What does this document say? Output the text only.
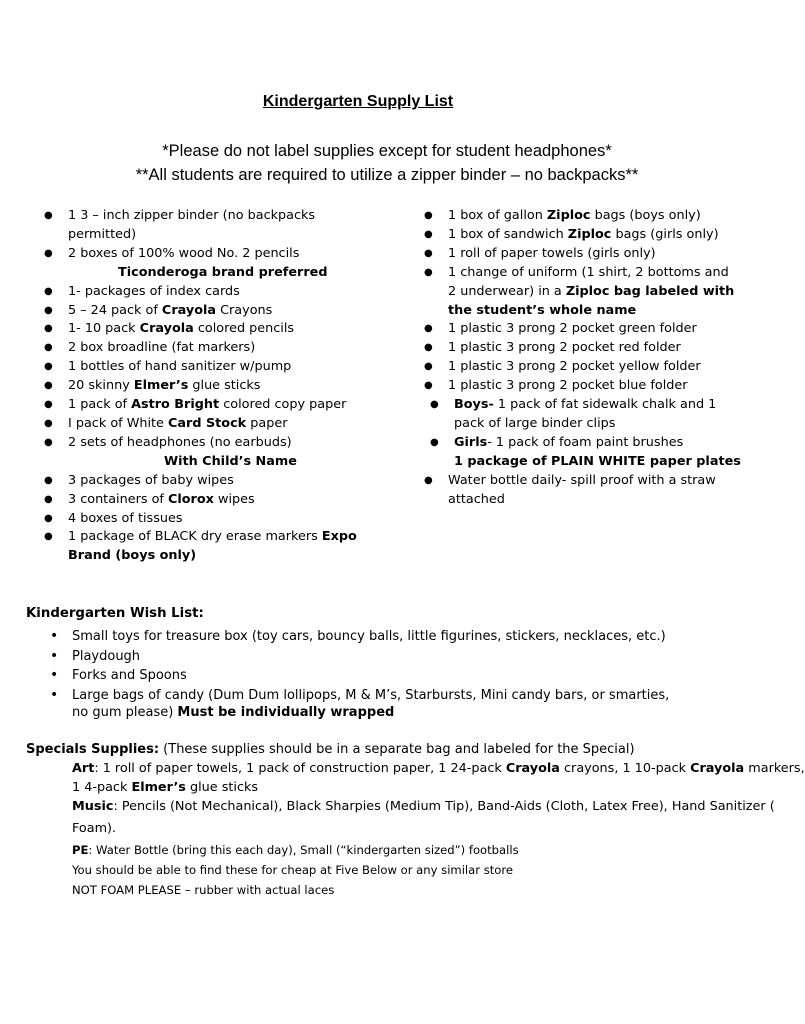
Kindergarten Supply List
*Please do not label supplies except for student headphones*
**All students are required to utilize a zipper binder – no backpacks**
● 1 3 – inch zipper binder (no backpacks
permitted)
● 2 boxes of 100% wood No. 2 pencils
Ticonderoga brand preferred
● 1- packages of index cards
● 5 – 24 pack of Crayola Crayons
● 1- 10 pack Crayola colored pencils
● 2 box broadline (fat markers)
● 1 bottles of hand sanitizer w/pump
● 20 skinny Elmer’s glue sticks
● 1 pack of Astro Bright colored copy paper
● I pack of White Card Stock paper
● 2 sets of headphones (no earbuds)
With Child’s Name
● 3 packages of baby wipes
● 3 containers of Clorox wipes
● 4 boxes of tissues
● 1 package of BLACK dry erase markers Expo
Brand (boys only)
● 1 box of gallon Ziploc bags (boys only)
● 1 box of sandwich Ziploc bags (girls only)
● 1 roll of paper towels (girls only)
● 1 change of uniform (1 shirt, 2 bottoms and
2 underwear) in a Ziploc bag labeled with
the student’s whole name
● 1 plastic 3 prong 2 pocket green folder
● 1 plastic 3 prong 2 pocket red folder
● 1 plastic 3 prong 2 pocket yellow folder
● 1 plastic 3 prong 2 pocket blue folder
● Boys- 1 pack of fat sidewalk chalk and 1
pack of large binder clips
● Girls- 1 pack of foam paint brushes
1 package of PLAIN WHITE paper plates
● Water bottle daily- spill proof with a straw
attached
Kindergarten Wish List:
• Small toys for treasure box (toy cars, bouncy balls, little figurines, stickers, necklaces, etc.)
• Playdough
• Forks and Spoons
• Large bags of candy (Dum Dum lollipops, M & M’s, Starbursts, Mini candy bars, or smarties,
no gum please) Must be individually wrapped
Specials Supplies: (These supplies should be in a separate bag and labeled for the Special)
Art: 1 roll of paper towels, 1 pack of construction paper, 1 24-pack Crayola crayons, 1 10-pack Crayola markers,
1 4-pack Elmer’s glue sticks
Music: Pencils (Not Mechanical), Black Sharpies (Medium Tip), Band-Aids (Cloth, Latex Free), Hand Sanitizer (
Foam).
PE: Water Bottle (bring this each day), Small (“kindergarten sized”) footballs
You should be able to find these for cheap at Five Below or any similar store
NOT FOAM PLEASE – rubber with actual laces
